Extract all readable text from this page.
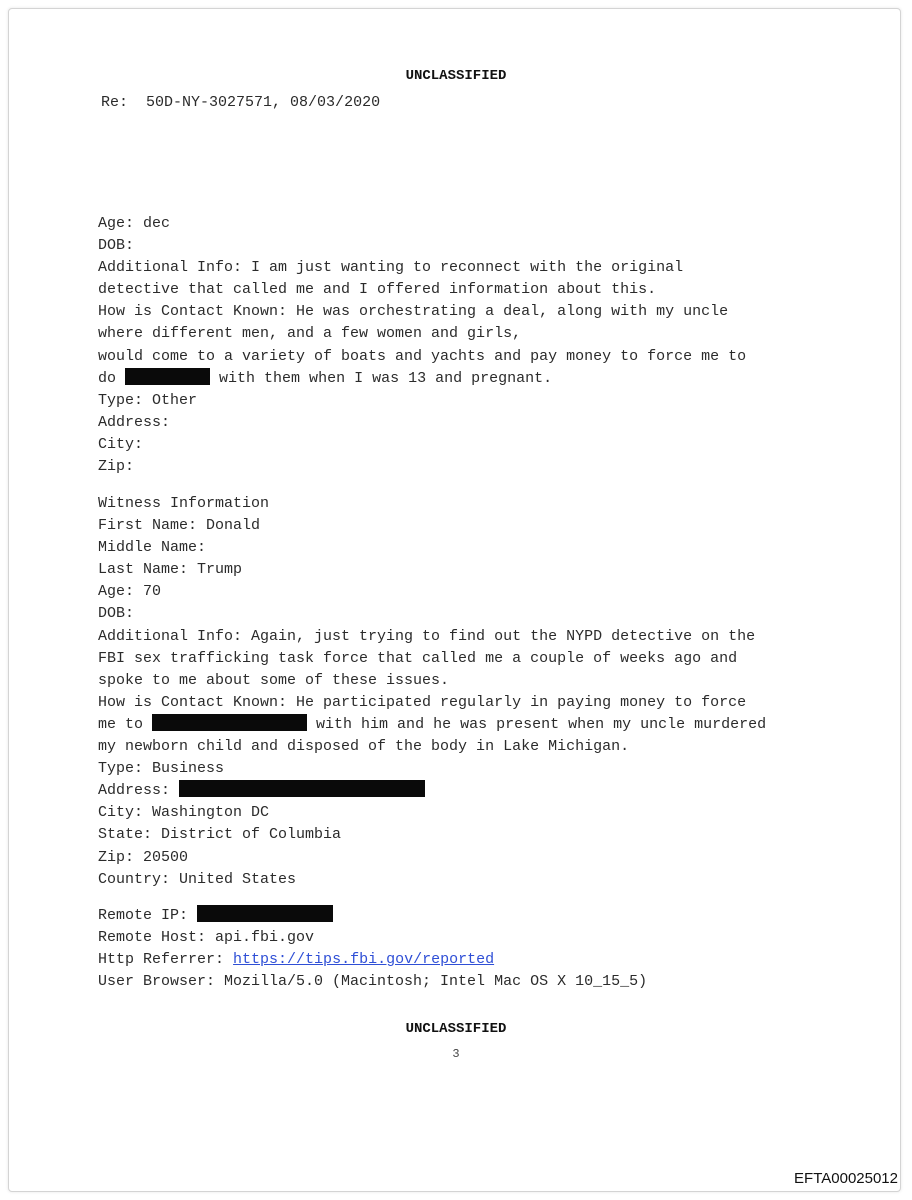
UNCLASSIFIED
Re: 50D-NY-3027571, 08/03/2020
Age: dec
DOB:
Additional Info: I am just wanting to reconnect with the original
detective that called me and I offered information about this.
How is Contact Known: He was orchestrating a deal, along with my uncle
where different men, and a few women and girls,
would come to a variety of boats and yachts and pay money to force me to
do	with them when I was 13 and pregnant.
Type: Other
Address:
City:
Zip:
Witness Information
First Name: Donald
Middle Name:
Last Name: Trump
Age: 70
DOB:
Additional Info: Again, just trying to find out the NYPD detective on the
FBI sex trafficking task force that called me a couple of weeks ago and
spoke to me about some of these issues.
How is Contact Known: He participated regularly in paying money to force
me to	with him and he was present when my uncle murdered
my newborn child and disposed of the body in Lake Michigan.
Type: Business
Address:
City: Washington DC
State: District of Columbia
Zip: 20500
Country: United States
Remote IP:
Remote Host: api.fbi.gov
Http Referrer: https://tips.fbi.gov/reported
User Browser: Mozilla/5.0 (Macintosh; Intel Mac OS X 10_15_5)
UNCLASSIFIED
3
EFTA00025012
